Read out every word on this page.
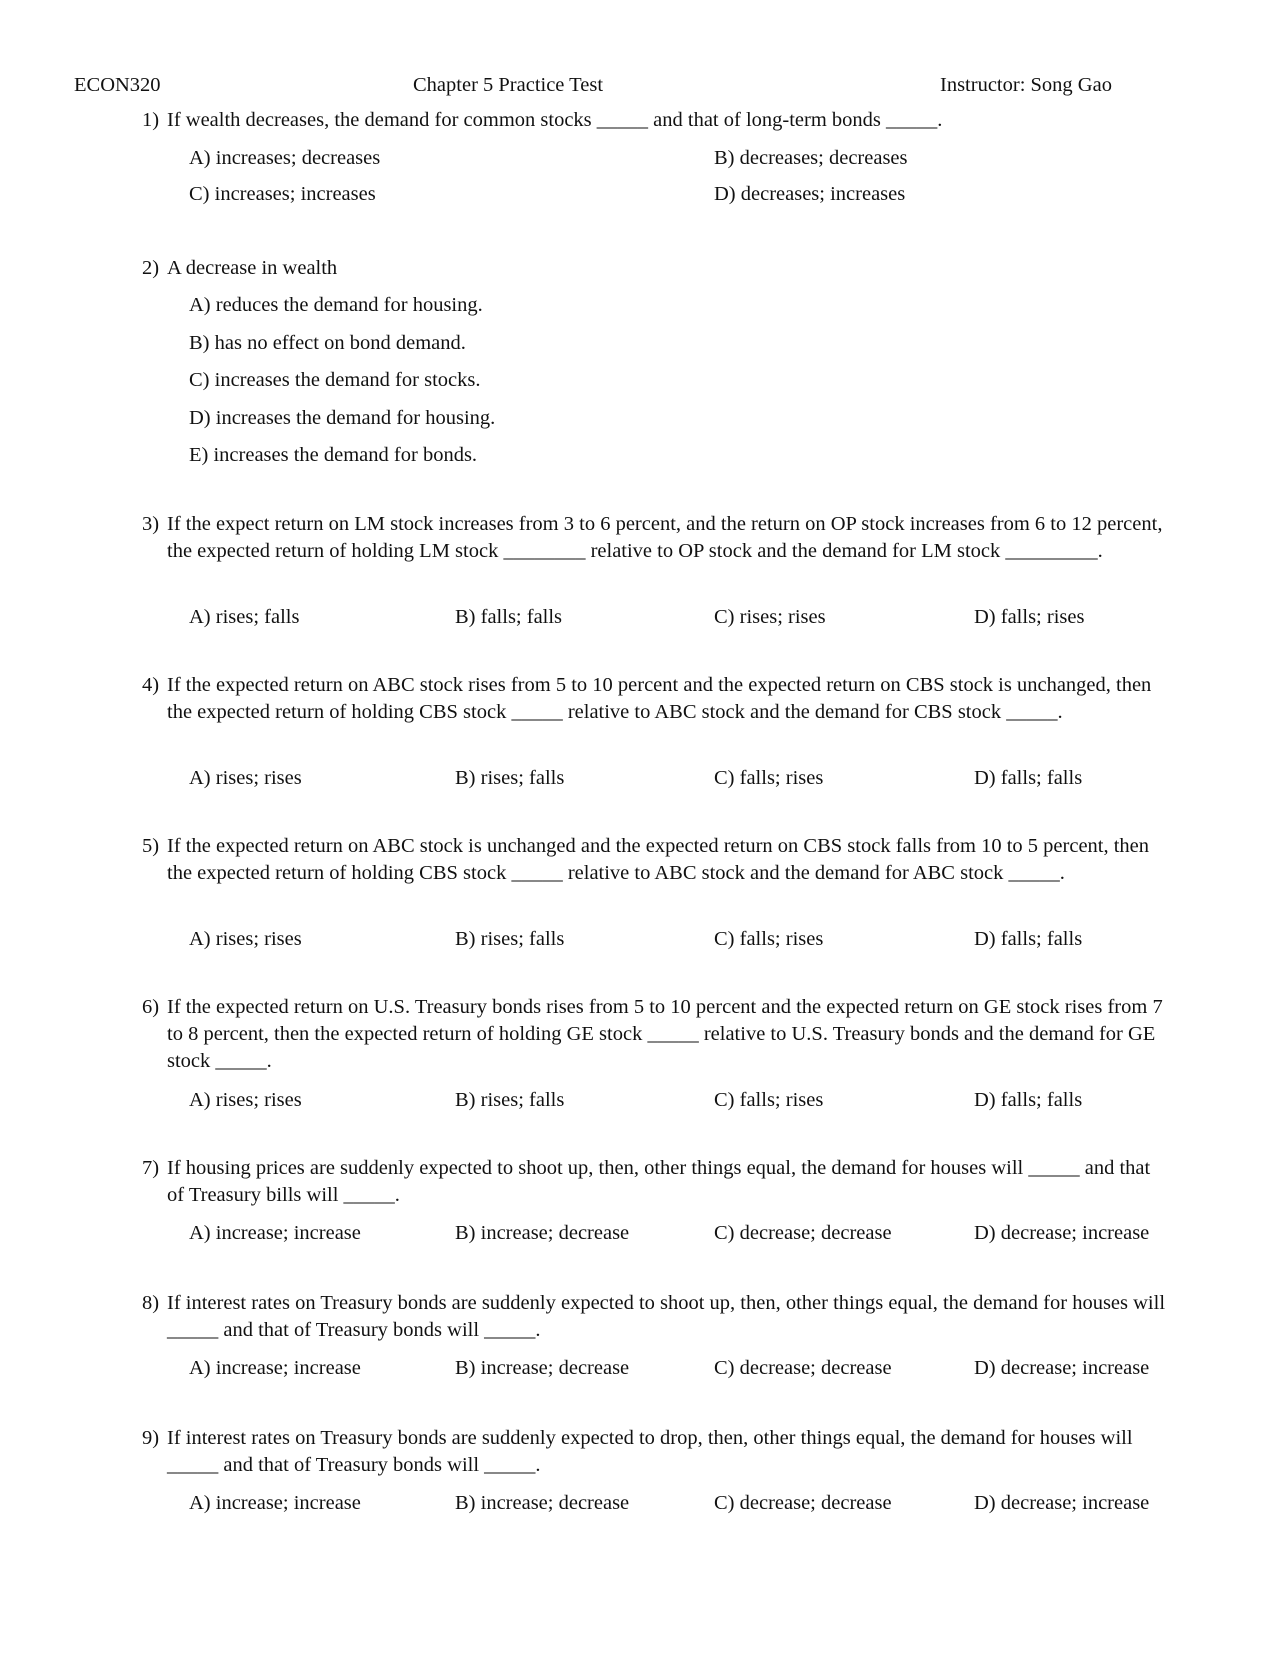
ECON320	Chapter 5 Practice Test	Instructor: Song Gao
1) If wealth decreases, the demand for common stocks _____ and that of long-term bonds _____.
A) increases; decreases	B) decreases; decreases
C) increases; increases	D) decreases; increases
2) A decrease in wealth
A) reduces the demand for housing.
B) has no effect on bond demand.
C) increases the demand for stocks.
D) increases the demand for housing.
E) increases the demand for bonds.
3) If the expect return on LM stock increases from 3 to 6 percent, and the return on OP stock increases from 6 to 12 percent, the expected return of holding LM stock ________ relative to OP stock and the demand for LM stock _________.
A) rises; falls	B) falls; falls	C) rises; rises	D) falls; rises
4) If the expected return on ABC stock rises from 5 to 10 percent and the expected return on CBS stock is unchanged, then the expected return of holding CBS stock _____ relative to ABC stock and the demand for CBS stock _____.
A) rises; rises	B) rises; falls	C) falls; rises	D) falls; falls
5) If the expected return on ABC stock is unchanged and the expected return on CBS stock falls from 10 to 5 percent, then the expected return of holding CBS stock _____ relative to ABC stock and the demand for ABC stock _____.
A) rises; rises	B) rises; falls	C) falls; rises	D) falls; falls
6) If the expected return on U.S. Treasury bonds rises from 5 to 10 percent and the expected return on GE stock rises from 7 to 8 percent, then the expected return of holding GE stock _____ relative to U.S. Treasury bonds and the demand for GE stock _____.
A) rises; rises	B) rises; falls	C) falls; rises	D) falls; falls
7) If housing prices are suddenly expected to shoot up, then, other things equal, the demand for houses will _____ and that of Treasury bills will _____.
A) increase; increase	B) increase; decrease	C) decrease; decrease	D) decrease; increase
8) If interest rates on Treasury bonds are suddenly expected to shoot up, then, other things equal, the demand for houses will _____ and that of Treasury bonds will _____.
A) increase; increase	B) increase; decrease	C) decrease; decrease	D) decrease; increase
9) If interest rates on Treasury bonds are suddenly expected to drop, then, other things equal, the demand for houses will _____ and that of Treasury bonds will _____.
A) increase; increase	B) increase; decrease	C) decrease; decrease	D) decrease; increase
